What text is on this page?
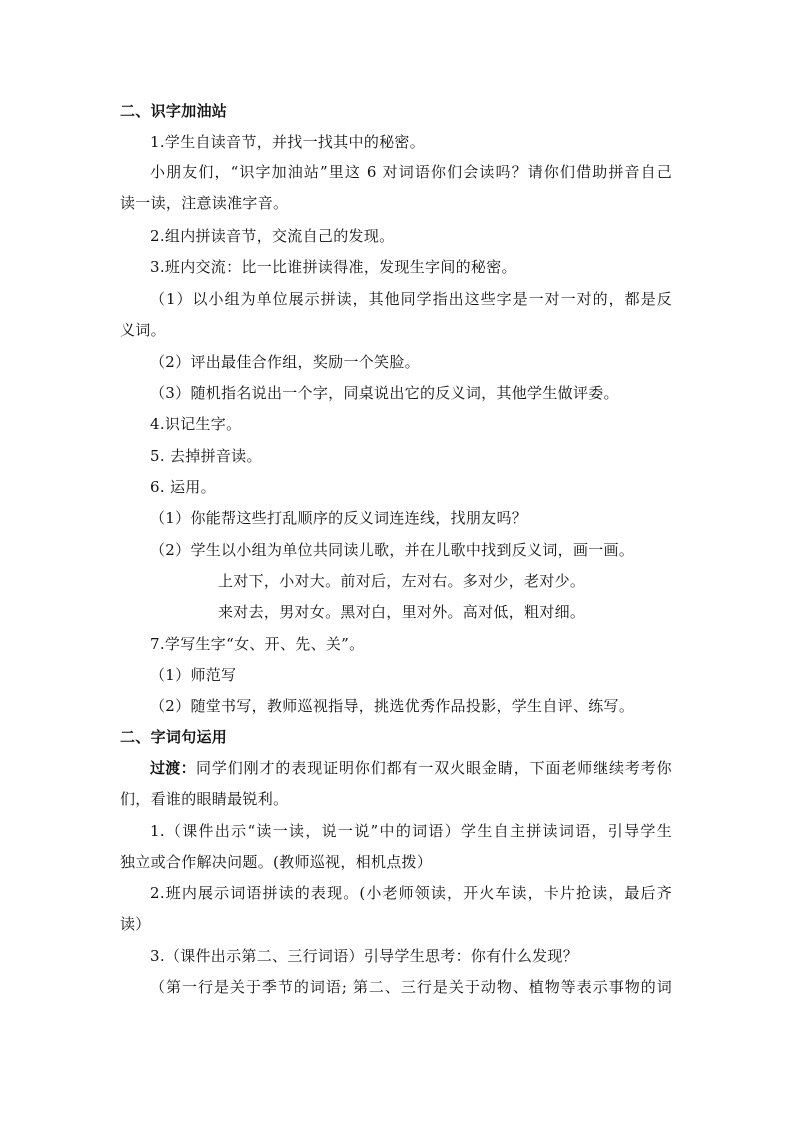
二、识字加油站
1.学生自读音节，并找一找其中的秘密。
小朋友们，“识字加油站”里这 6 对词语你们会读吗？请你们借助拼音自己
读一读，注意读准字音。
2.组内拼读音节，交流自己的发现。
3.班内交流：比一比谁拼读得准，发现生字间的秘密。
（1）以小组为单位展示拼读，其他同学指出这些字是一对一对的，都是反
义词。
（2）评出最佳合作组，奖励一个笑脸。
（3）随机指名说出一个字，同桌说出它的反义词，其他学生做评委。
4.识记生字。
5. 去掉拼音读。
6. 运用。
（1）你能帮这些打乱顺序的反义词连连线，找朋友吗？
（2）学生以小组为单位共同读儿歌，并在儿歌中找到反义词，画一画。
上对下，小对大。前对后，左对右。多对少，老对少。
来对去，男对女。黑对白，里对外。高对低，粗对细。
7.学写生字“女、开、先、关”。
（1）师范写
（2）随堂书写，教师巡视指导，挑选优秀作品投影，学生自评、练写。
二、字词句运用
过渡： 同学们刚才的表现证明你们都有一双火眼金睛，下面老师继续考考你
们，看谁的眼睛最锐利。
1.（课件出示“读一读，说一说”中的词语）学生自主拼读词语，引导学生
独立或合作解决问题。(教师巡视，相机点拨）
2.班内展示词语拼读的表现。(小老师领读，开火车读，卡片抢读，最后齐
读）
3.（课件出示第二、三行词语）引导学生思考：你有什么发现？
（第一行是关于季节的词语; 第二、三行是关于动物、植物等表示事物的词
